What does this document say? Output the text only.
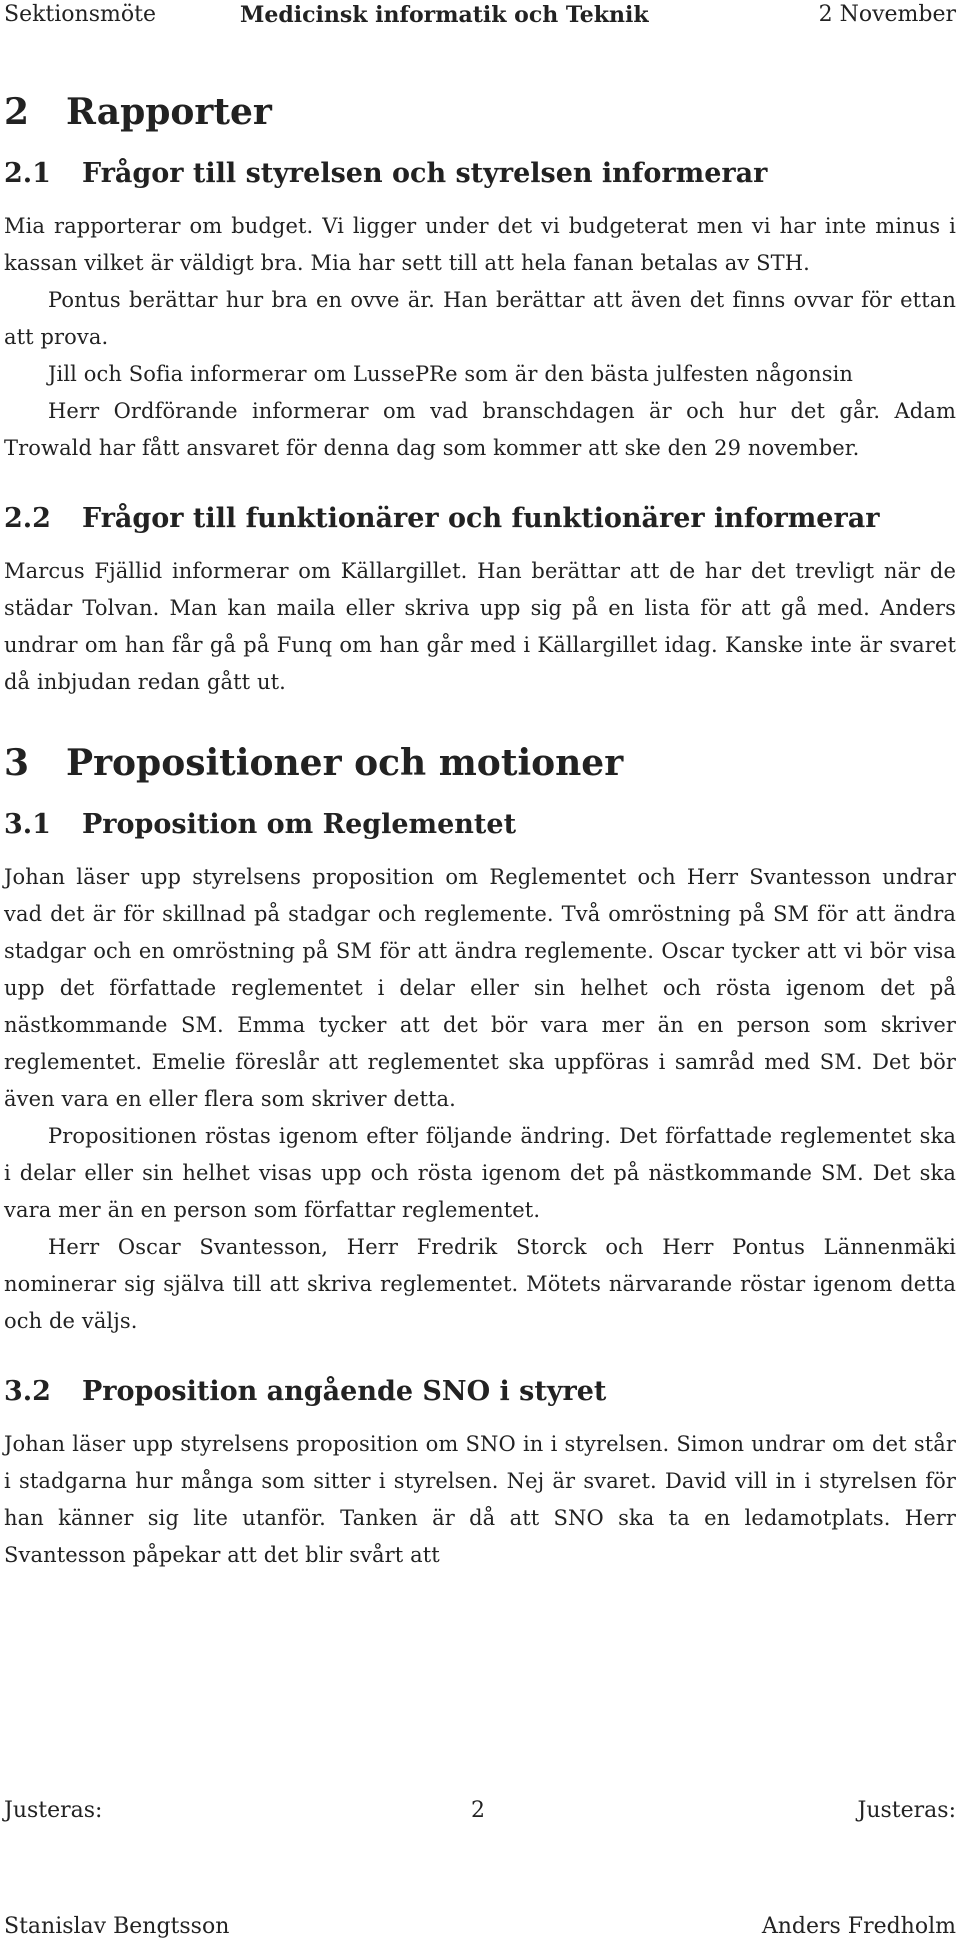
Sektionsmöte	Medicinsk informatik och Teknik	2 November
2 Rapporter
2.1 Frågor till styrelsen och styrelsen informerar

Mia rapporterar om budget. Vi ligger under det vi budgeterat men vi har inte minus i kassan vilket är väldigt bra. Mia har sett till att hela fanan betalas av STH.

Pontus berättar hur bra en ovve är. Han berättar att även det finns ovvar för ettan att prova.

Jill och Sofia informerar om LussePRe som är den bästa julfesten någonsin

Herr Ordförande informerar om vad branschdagen är och hur det går. Adam Trowald har fått ansvaret för denna dag som kommer att ske den 29 november.

2.2 Frågor till funktionärer och funktionärer informerar

Marcus Fjällid informerar om Källargillet. Han berättar att de har det trevligt när de städar Tolvan. Man kan maila eller skriva upp sig på en lista för att gå med. Anders undrar om han får gå på Funq om han går med i Källargillet idag. Kanske inte är svaret då inbjudan redan gått ut.

3 Propositioner och motioner
3.1 Proposition om Reglementet

Johan läser upp styrelsens proposition om Reglementet och Herr Svantesson undrar vad det är för skillnad på stadgar och reglemente. Två omröstning på SM för att ändra stadgar och en omröstning på SM för att ändra reglemente. Oscar tycker att vi bör visa upp det författade reglementet i delar eller sin helhet och rösta igenom det på nästkommande SM. Emma tycker att det bör vara mer än en person som skriver reglementet. Emelie föreslår att reglementet ska uppföras i samråd med SM. Det bör även vara en eller flera som skriver detta.

Propositionen röstas igenom efter följande ändring. Det författade reglementet ska i delar eller sin helhet visas upp och rösta igenom det på nästkommande SM. Det ska vara mer än en person som författar reglementet.

Herr Oscar Svantesson, Herr Fredrik Storck och Herr Pontus Lännenmäki nominerar sig själva till att skriva reglementet. Mötets närvarande röstar igenom detta och de väljs.

3.2 Proposition angående SNO i styret

Johan läser upp styrelsens proposition om SNO in i styrelsen. Simon undrar om det står i stadgarna hur många som sitter i styrelsen. Nej är svaret. David vill in i styrelsen för han känner sig lite utanför. Tanken är då att SNO ska ta en ledamotplats. Herr Svantesson påpekar att det blir svårt att

Justeras:	2	Justeras:
Stanislav Bengtsson	Anders Fredholm
